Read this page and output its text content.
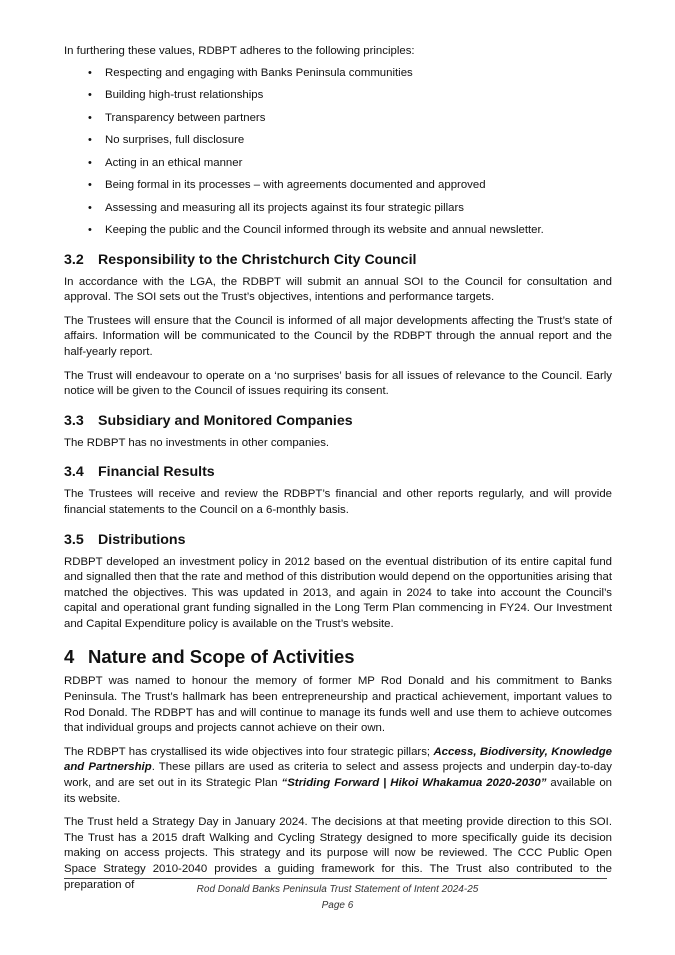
In furthering these values, RDBPT adheres to the following principles:

• Respecting and engaging with Banks Peninsula communities
• Building high-trust relationships
• Transparency between partners
• No surprises, full disclosure
• Acting in an ethical manner
• Being formal in its processes – with agreements documented and approved
• Assessing and measuring all its projects against its four strategic pillars
• Keeping the public and the Council informed through its website and annual newsletter.
3.2 Responsibility to the Christchurch City Council

In accordance with the LGA, the RDBPT will submit an annual SOI to the Council for consultation and approval. The SOI sets out the Trust’s objectives, intentions and performance targets.

The Trustees will ensure that the Council is informed of all major developments affecting the Trust’s state of affairs. Information will be communicated to the Council by the RDBPT through the annual report and the half-yearly report.

The Trust will endeavour to operate on a ‘no surprises’ basis for all issues of relevance to the Council. Early notice will be given to the Council of issues requiring its consent.

3.3 Subsidiary and Monitored Companies

The RDBPT has no investments in other companies.

3.4 Financial Results

The Trustees will receive and review the RDBPT’s financial and other reports regularly, and will provide financial statements to the Council on a 6-monthly basis.

3.5 Distributions

RDBPT developed an investment policy in 2012 based on the eventual distribution of its entire capital fund and signalled then that the rate and method of this distribution would depend on the opportunities arising that matched the objectives. This was updated in 2013, and again in 2024 to take into account the Council’s capital and operational grant funding signalled in the Long Term Plan commencing in FY24. Our Investment and Capital Expenditure policy is available on the Trust’s website.

4 Nature and Scope of Activities

RDBPT was named to honour the memory of former MP Rod Donald and his commitment to Banks Peninsula. The Trust’s hallmark has been entrepreneurship and practical achievement, important values to Rod Donald. The RDBPT has and will continue to manage its funds well and use them to achieve outcomes that individual groups and projects cannot achieve on their own.

The RDBPT has crystallised its wide objectives into four strategic pillars; Access, Biodiversity, Knowledge and Partnership. These pillars are used as criteria to select and assess projects and underpin day-to-day work, and are set out in its Strategic Plan “Striding Forward | Hikoi Whakamua 2020-2030” available on its website.

The Trust held a Strategy Day in January 2024. The decisions at that meeting provide direction to this SOI. The Trust has a 2015 draft Walking and Cycling Strategy designed to more specifically guide its decision making on access projects. This strategy and its purpose will now be reviewed. The CCC Public Open Space Strategy 2010-2040 provides a guiding framework for this. The Trust also contributed to the preparation of	Rod Donald Banks Peninsula Trust Statement of Intent 2024-25
Page 6
